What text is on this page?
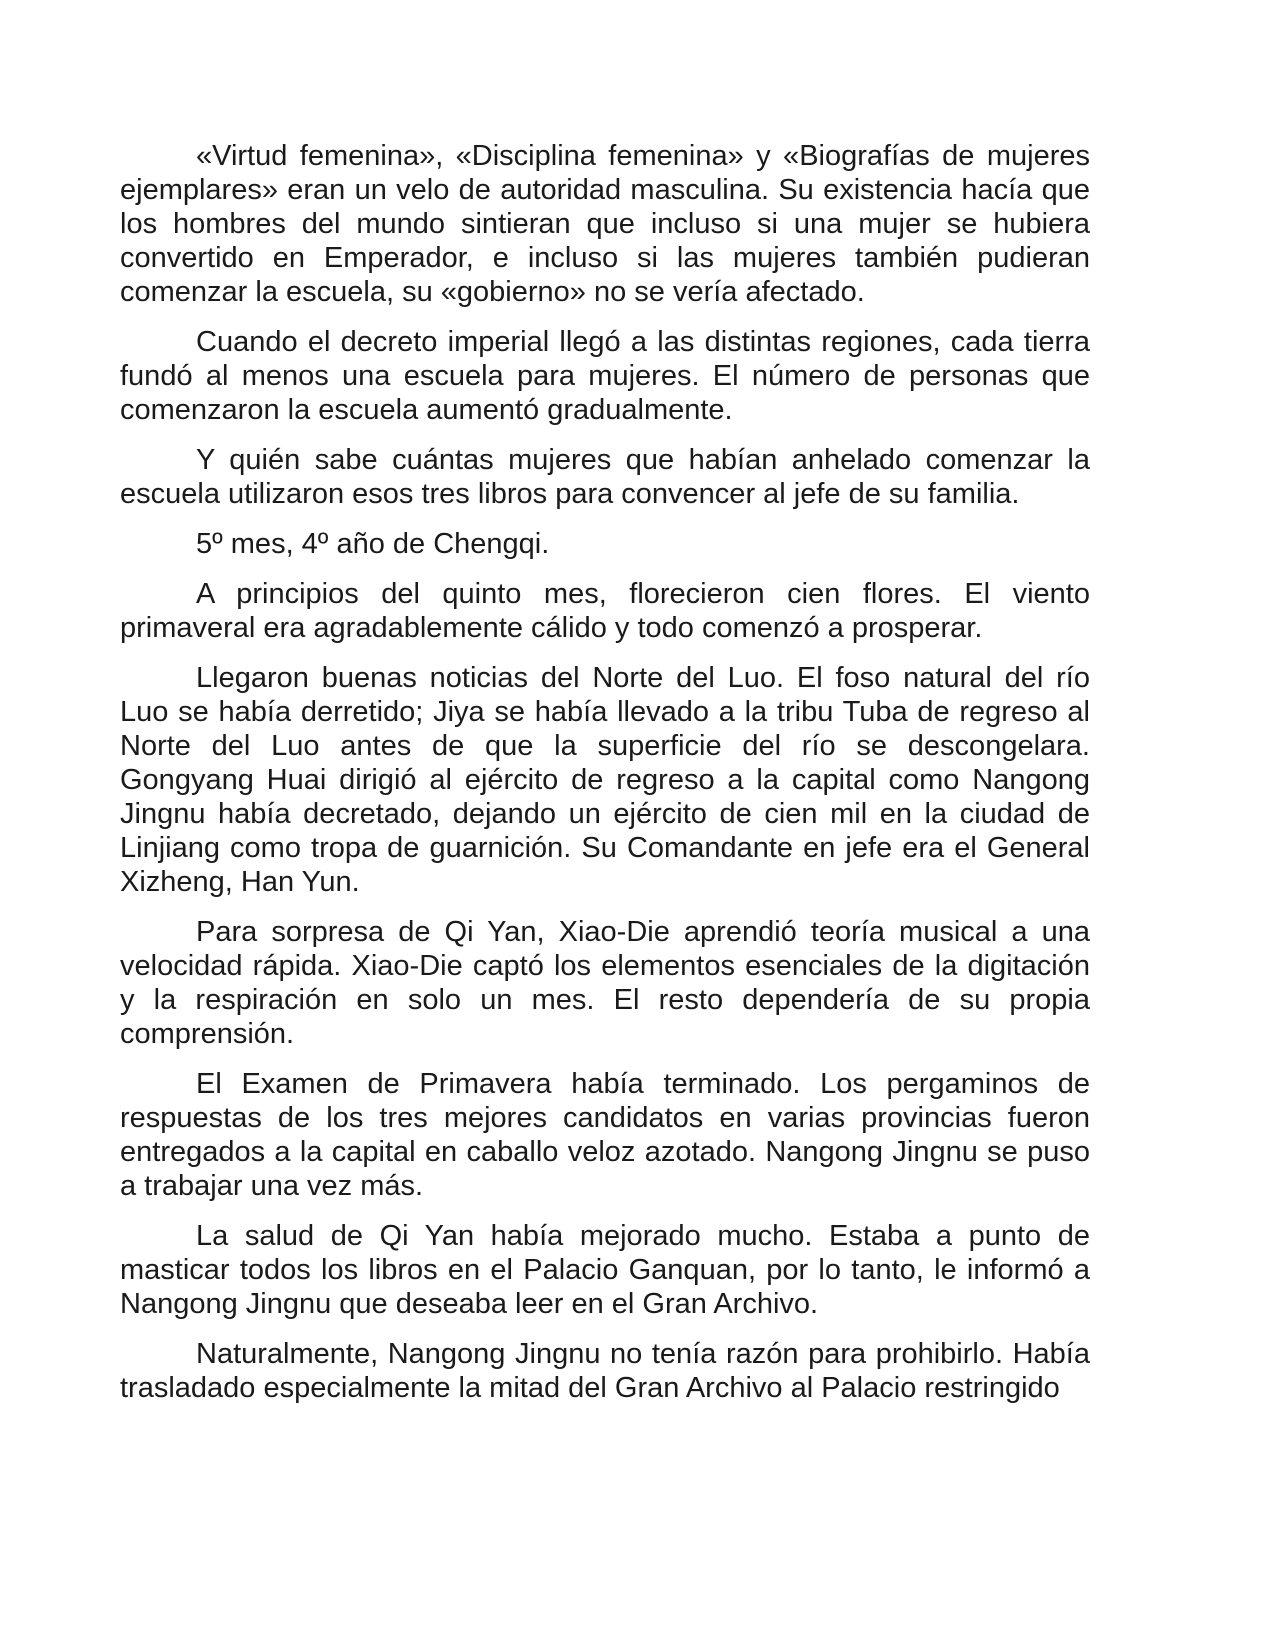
«Virtud femenina», «Disciplina femenina» y «Biografías de mujeres ejemplares» eran un velo de autoridad masculina. Su existencia hacía que los hombres del mundo sintieran que incluso si una mujer se hubiera convertido en Emperador, e incluso si las mujeres también pudieran comenzar la escuela, su «gobierno» no se vería afectado.

Cuando el decreto imperial llegó a las distintas regiones, cada tierra fundó al menos una escuela para mujeres. El número de personas que comenzaron la escuela aumentó gradualmente.

Y quién sabe cuántas mujeres que habían anhelado comenzar la escuela utilizaron esos tres libros para convencer al jefe de su familia.

5º mes, 4º año de Chengqi.

A principios del quinto mes, florecieron cien flores. El viento primaveral era agradablemente cálido y todo comenzó a prosperar.

Llegaron buenas noticias del Norte del Luo. El foso natural del río Luo se había derretido; Jiya se había llevado a la tribu Tuba de regreso al Norte del Luo antes de que la superficie del río se descongelara. Gongyang Huai dirigió al ejército de regreso a la capital como Nangong Jingnu había decretado, dejando un ejército de cien mil en la ciudad de Linjiang como tropa de guarnición. Su Comandante en jefe era el General Xizheng, Han Yun.

Para sorpresa de Qi Yan, Xiao-Die aprendió teoría musical a una velocidad rápida. Xiao-Die captó los elementos esenciales de la digitación y la respiración en solo un mes. El resto dependería de su propia comprensión.

El Examen de Primavera había terminado. Los pergaminos de respuestas de los tres mejores candidatos en varias provincias fueron entregados a la capital en caballo veloz azotado. Nangong Jingnu se puso a trabajar una vez más.

La salud de Qi Yan había mejorado mucho. Estaba a punto de masticar todos los libros en el Palacio Ganquan, por lo tanto, le informó a Nangong Jingnu que deseaba leer en el Gran Archivo.

Naturalmente, Nangong Jingnu no tenía razón para prohibirlo. Había trasladado especialmente la mitad del Gran Archivo al Palacio restringido
